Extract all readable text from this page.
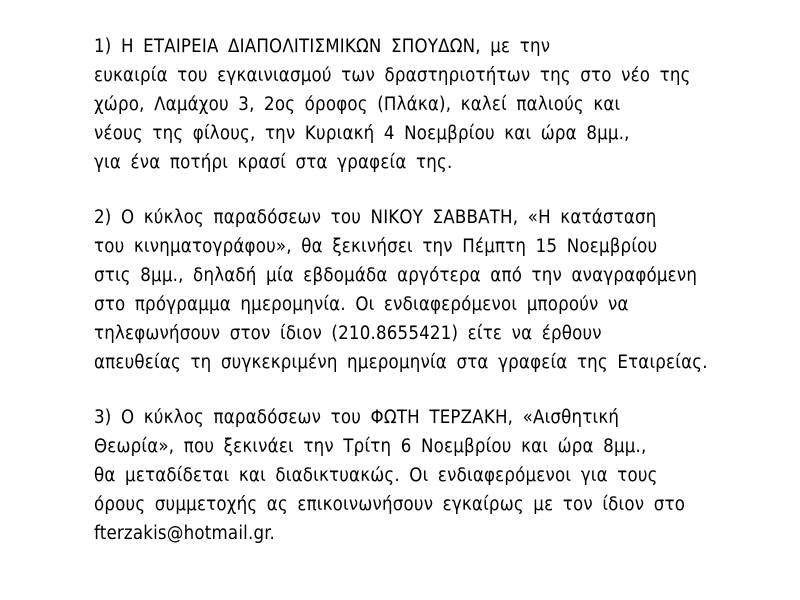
1) Η ΕΤΑΙΡΕΙΑ ΔΙΑΠΟΛΙΤΙΣΜΙΚΩΝ ΣΠΟΥΔΩΝ, με την
ευκαιρία του εγκαινιασμού των δραστηριοτήτων της στο νέο της
χώρο, Λαμάχου 3, 2ος όροφος (Πλάκα), καλεί παλιούς και
νέους της φίλους, την Κυριακή 4 Νοεμβρίου και ώρα 8μμ.,
για ένα ποτήρι κρασί στα γραφεία της.
2) Ο κύκλος παραδόσεων του ΝΙΚΟΥ ΣΑΒΒΑΤΗ, «Η κατάσταση
του κινηματογράφου», θα ξεκινήσει την Πέμπτη 15 Νοεμβρίου
στις 8μμ., δηλαδή μία εβδομάδα αργότερα από την αναγραφόμενη
στο πρόγραμμα ημερομηνία. Οι ενδιαφερόμενοι μπορούν να
τηλεφωνήσουν στον ίδιον (210.8655421) είτε να έρθουν
απευθείας τη συγκεκριμένη ημερομηνία στα γραφεία της Εταιρείας.
3) Ο κύκλος παραδόσεων του ΦΩΤΗ ΤΕΡΖΑΚΗ, «Αισθητική
Θεωρία», που ξεκινάει την Τρίτη 6 Νοεμβρίου και ώρα 8μμ.,
θα μεταδίδεται και διαδικτυακώς. Οι ενδιαφερόμενοι για τους
όρους συμμετοχής ας επικοινωνήσουν εγκαίρως με τον ίδιον στο
fterzakis@hotmail.gr.
